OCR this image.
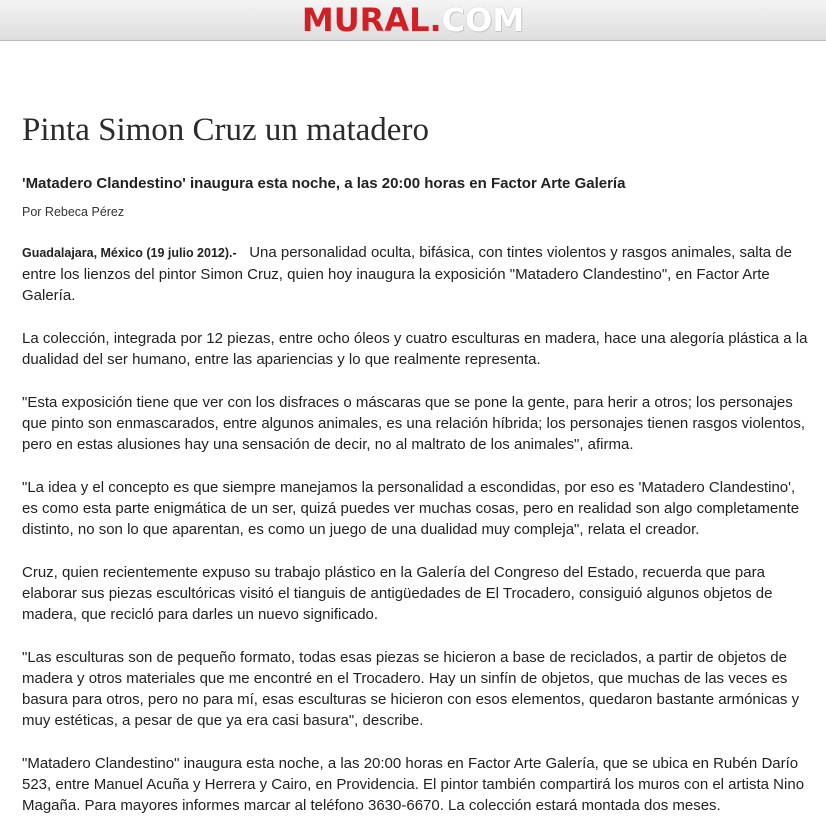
MURAL.COM
Pinta Simon Cruz un matadero
'Matadero Clandestino' inaugura esta noche, a las 20:00 horas en Factor Arte Galería
Por Rebeca Pérez

Guadalajara, México (19 julio 2012).- Una personalidad oculta, bifásica, con tintes violentos y rasgos animales, salta de entre los lienzos del pintor Simon Cruz, quien hoy inaugura la exposición "Matadero Clandestino", en Factor Arte Galería.

La colección, integrada por 12 piezas, entre ocho óleos y cuatro esculturas en madera, hace una alegoría plástica a la dualidad del ser humano, entre las apariencias y lo que realmente representa.

"Esta exposición tiene que ver con los disfraces o máscaras que se pone la gente, para herir a otros; los personajes que pinto son enmascarados, entre algunos animales, es una relación híbrida; los personajes tienen rasgos violentos, pero en estas alusiones hay una sensación de decir, no al maltrato de los animales", afirma.

"La idea y el concepto es que siempre manejamos la personalidad a escondidas, por eso es 'Matadero Clandestino', es como esta parte enigmática de un ser, quizá puedes ver muchas cosas, pero en realidad son algo completamente distinto, no son lo que aparentan, es como un juego de una dualidad muy compleja", relata el creador.

Cruz, quien recientemente expuso su trabajo plástico en la Galería del Congreso del Estado, recuerda que para elaborar sus piezas escultóricas visitó el tianguis de antigüedades de El Trocadero, consiguió algunos objetos de madera, que recicló para darles un nuevo significado.

"Las esculturas son de pequeño formato, todas esas piezas se hicieron a base de reciclados, a partir de objetos de madera y otros materiales que me encontré en el Trocadero. Hay un sinfín de objetos, que muchas de las veces es basura para otros, pero no para mí, esas esculturas se hicieron con esos elementos, quedaron bastante armónicas y muy estéticas, a pesar de que ya era casi basura", describe.

"Matadero Clandestino" inaugura esta noche, a las 20:00 horas en Factor Arte Galería, que se ubica en Rubén Darío 523, entre Manuel Acuña y Herrera y Cairo, en Providencia. El pintor también compartirá los muros con el artista Nino Magaña. Para mayores informes marcar al teléfono 3630-6670. La colección estará montada dos meses.
